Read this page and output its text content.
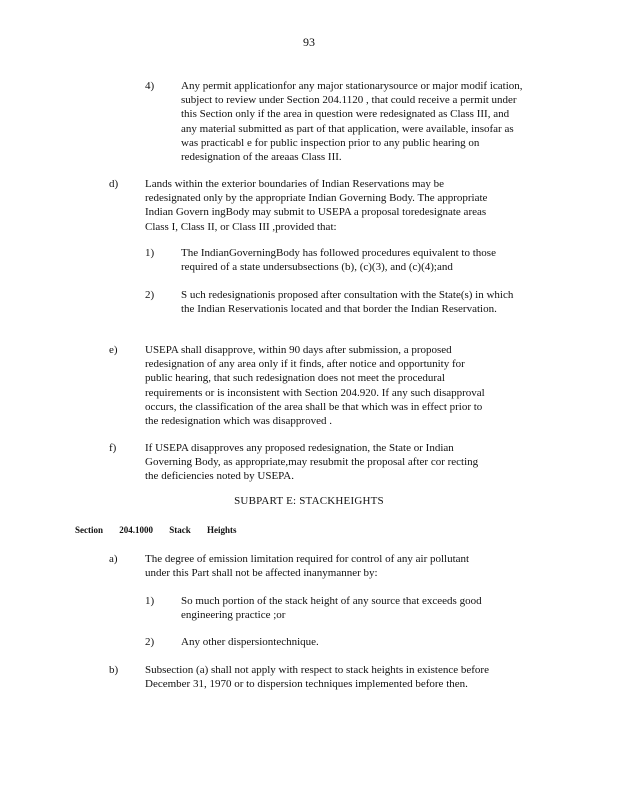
93
4)	Any permit applicationfor any major stationarysource or major modif ication, subject to review under Section 204.1120 , that could receive a permit under this Section only if the area in question were redesignated as Class III, and any material submitted as part of that application, were available, insofar as was practicabl e for public inspection prior to any public hearing on redesignation of the areaas Class III.
d)	Lands within the exterior boundaries of Indian Reservations may be redesignated only by the appropriate Indian Governing Body. The appropriate Indian Govern ingBody may submit to USEPA a proposal toredesignate areas Class I, Class II, or Class III ,provided that:
1)	The IndianGoverningBody has followed procedures equivalent to those required of a state undersubsections (b), (c)(3), and (c)(4);and
2)	S uch redesignationis proposed after consultation with the State(s) in which the Indian Reservationis located and that border the Indian Reservation.
e)	USEPA shall disapprove, within 90 days after submission, a proposed redesignation of any area only if it finds, after notice and opportunity for public hearing, that such redesignation does not meet the procedural requirements or is inconsistent with Section 204.920. If any such disapproval occurs, the classification of the area shall be that which was in effect prior to the redesignation which was disapproved .
f)	If USEPA disapproves any proposed redesignation, the State or Indian Governing Body, as appropriate,may resubmit the proposal after cor recting the deficiencies noted by USEPA.
SUBPART E: STACKHEIGHTS
Section 204.1000 Stack Heights
a)	The degree of emission limitation required for control of any air pollutant under this Part shall not be affected inanymanner by:
1)	So much portion of the stack height of any source that exceeds good engineering practice ;or
2)	Any other dispersiontechnique.
b)	Subsection (a) shall not apply with respect to stack heights in existence before December 31, 1970 or to dispersion techniques implemented before then.
